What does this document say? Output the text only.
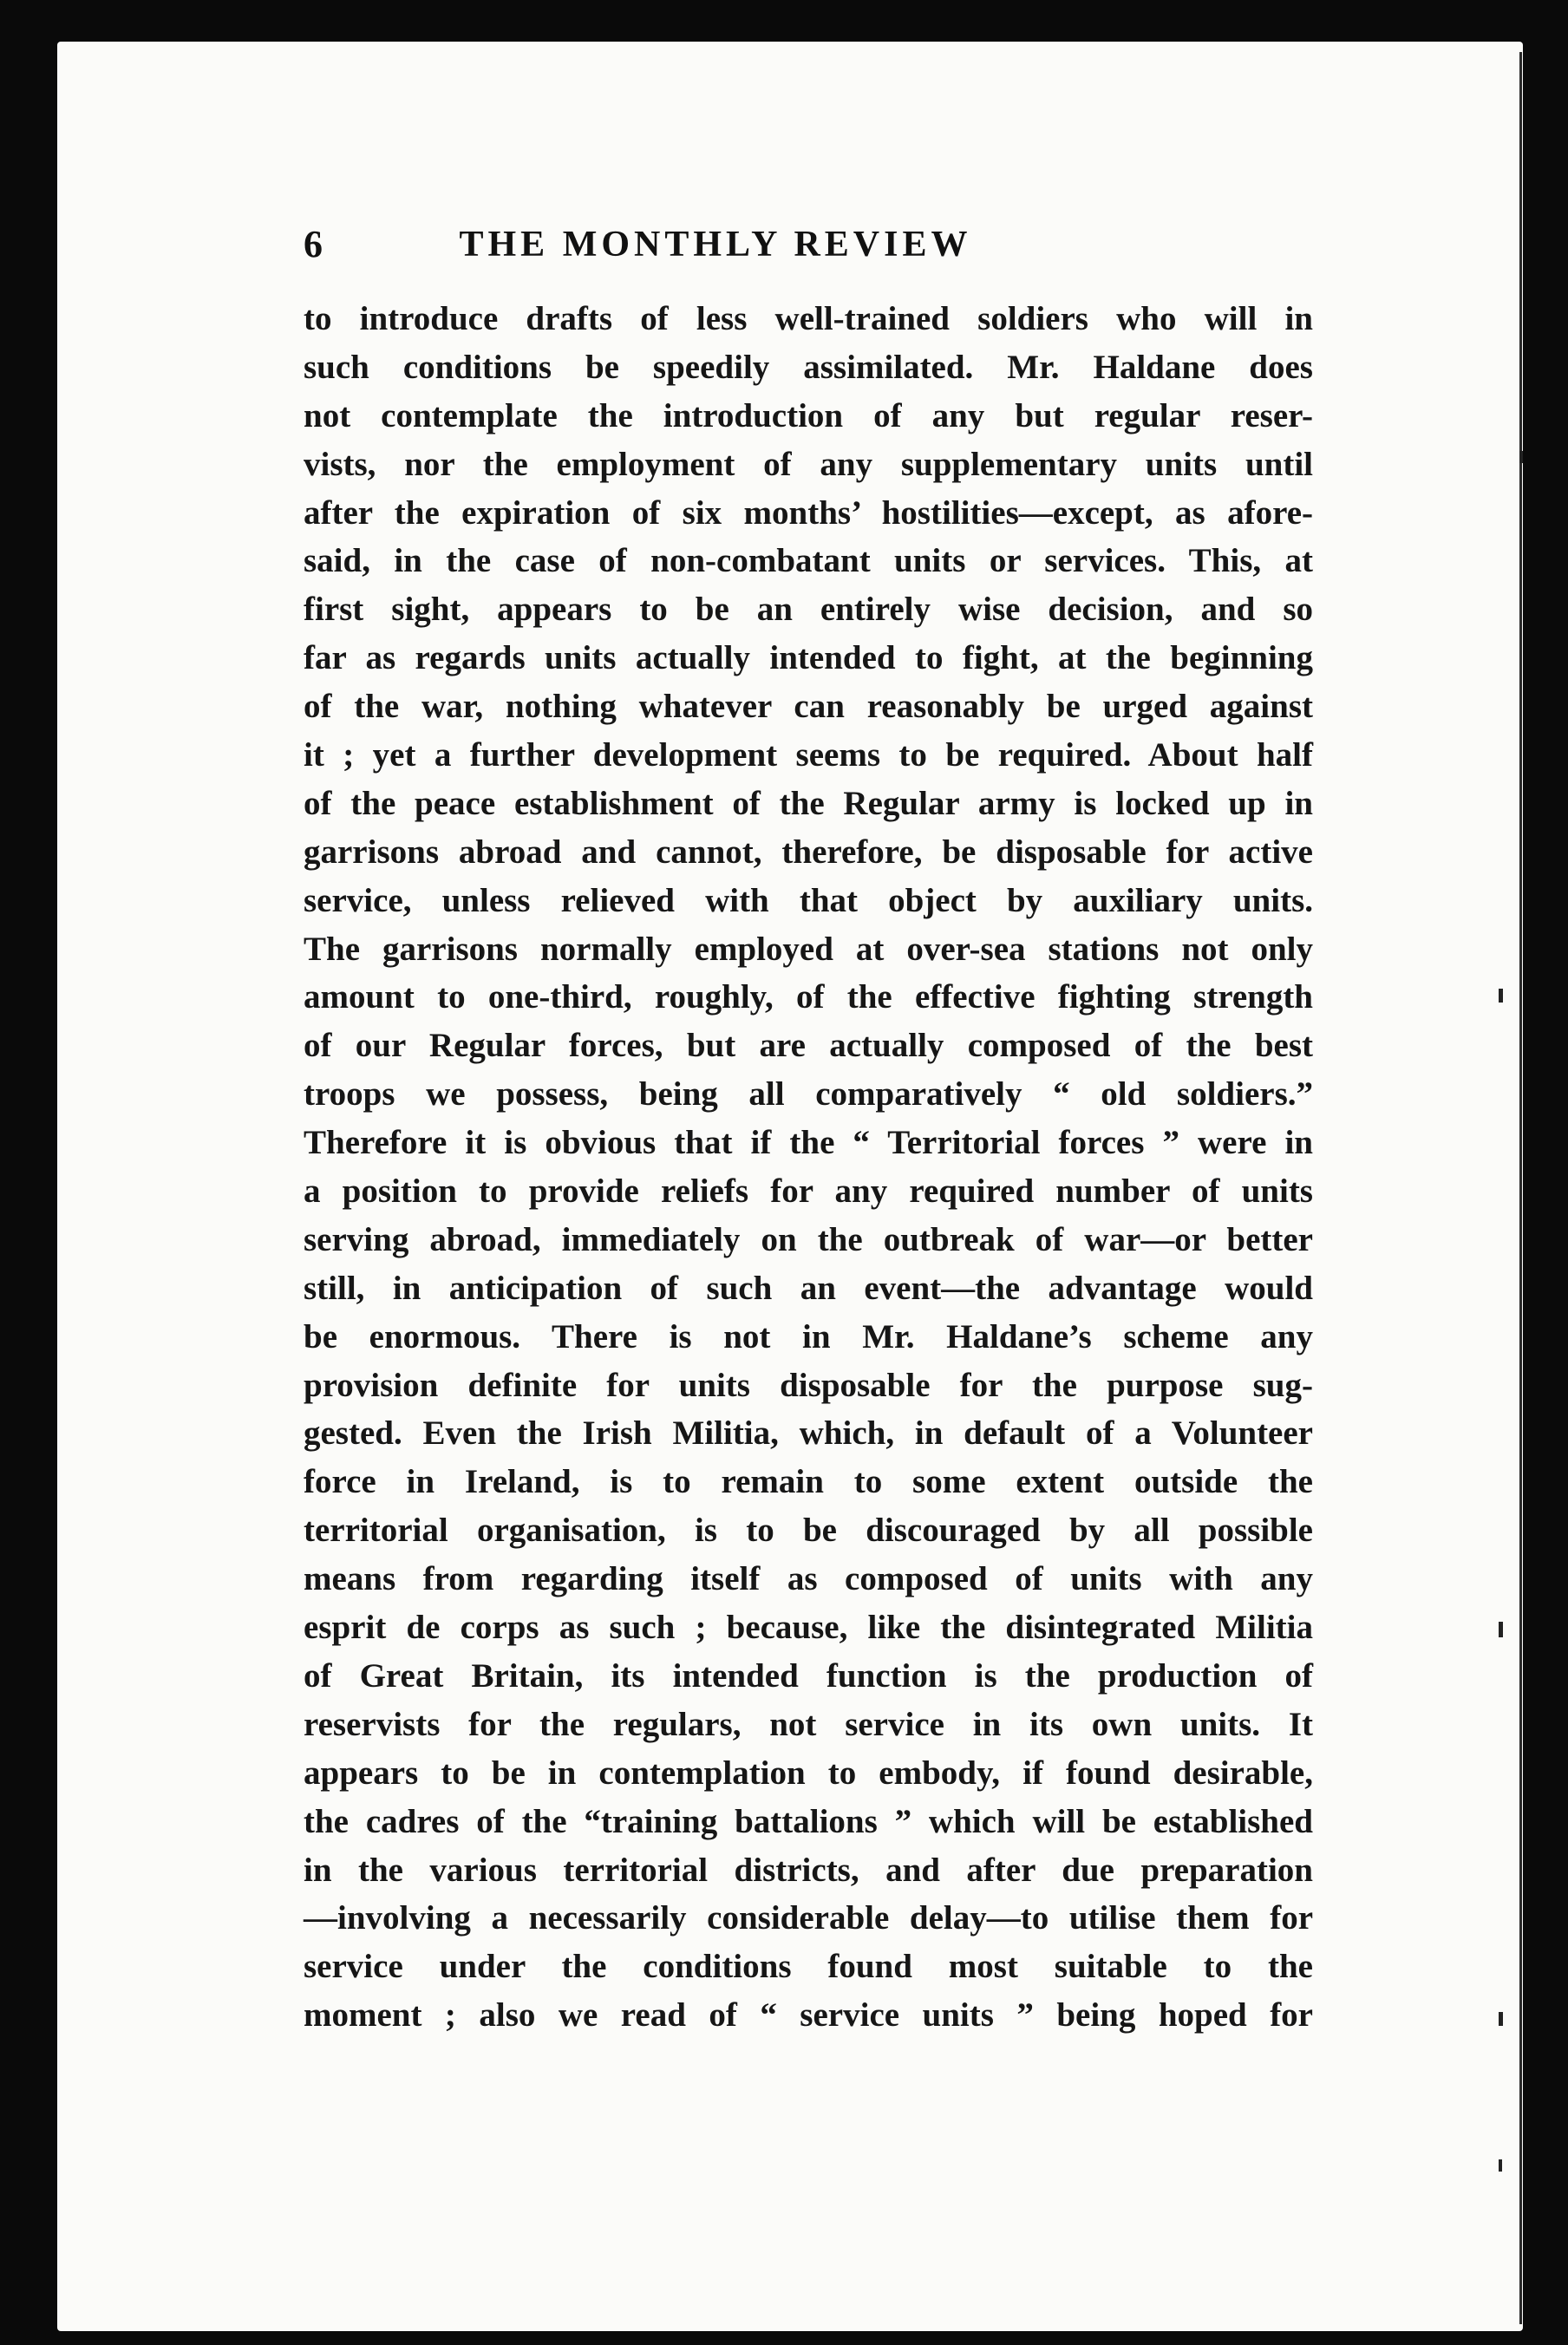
6	THE MONTHLY REVIEW
to introduce drafts of less well-trained soldiers who will in
such conditions be speedily assimilated. Mr. Haldane does
not contemplate the introduction of any but regular reser-
vists, nor the employment of any supplementary units until
after the expiration of six months’ hostilities—except, as afore-
said, in the case of non-combatant units or services. This, at
first sight, appears to be an entirely wise decision, and so
far as regards units actually intended to fight, at the beginning
of the war, nothing whatever can reasonably be urged against
it ; yet a further development seems to be required. About half
of the peace establishment of the Regular army is locked up in
garrisons abroad and cannot, therefore, be disposable for active
service, unless relieved with that object by auxiliary units.
The garrisons normally employed at over-sea stations not only
amount to one-third, roughly, of the effective fighting strength
of our Regular forces, but are actually composed of the best
troops we possess, being all comparatively “ old soldiers.”
Therefore it is obvious that if the “ Territorial forces ” were in
a position to provide reliefs for any required number of units
serving abroad, immediately on the outbreak of war—or better
still, in anticipation of such an event—the advantage would
be enormous. There is not in Mr. Haldane’s scheme any
provision definite for units disposable for the purpose sug-
gested. Even the Irish Militia, which, in default of a Volunteer
force in Ireland, is to remain to some extent outside the
territorial organisation, is to be discouraged by all possible
means from regarding itself as composed of units with any
esprit de corps as such ; because, like the disintegrated Militia
of Great Britain, its intended function is the production of
reservists for the regulars, not service in its own units. It
appears to be in contemplation to embody, if found desirable,
the cadres of the “training battalions ” which will be established
in the various territorial districts, and after due preparation
—involving a necessarily considerable delay—to utilise them for
service under the conditions found most suitable to the
moment ; also we read of “ service units ” being hoped for
